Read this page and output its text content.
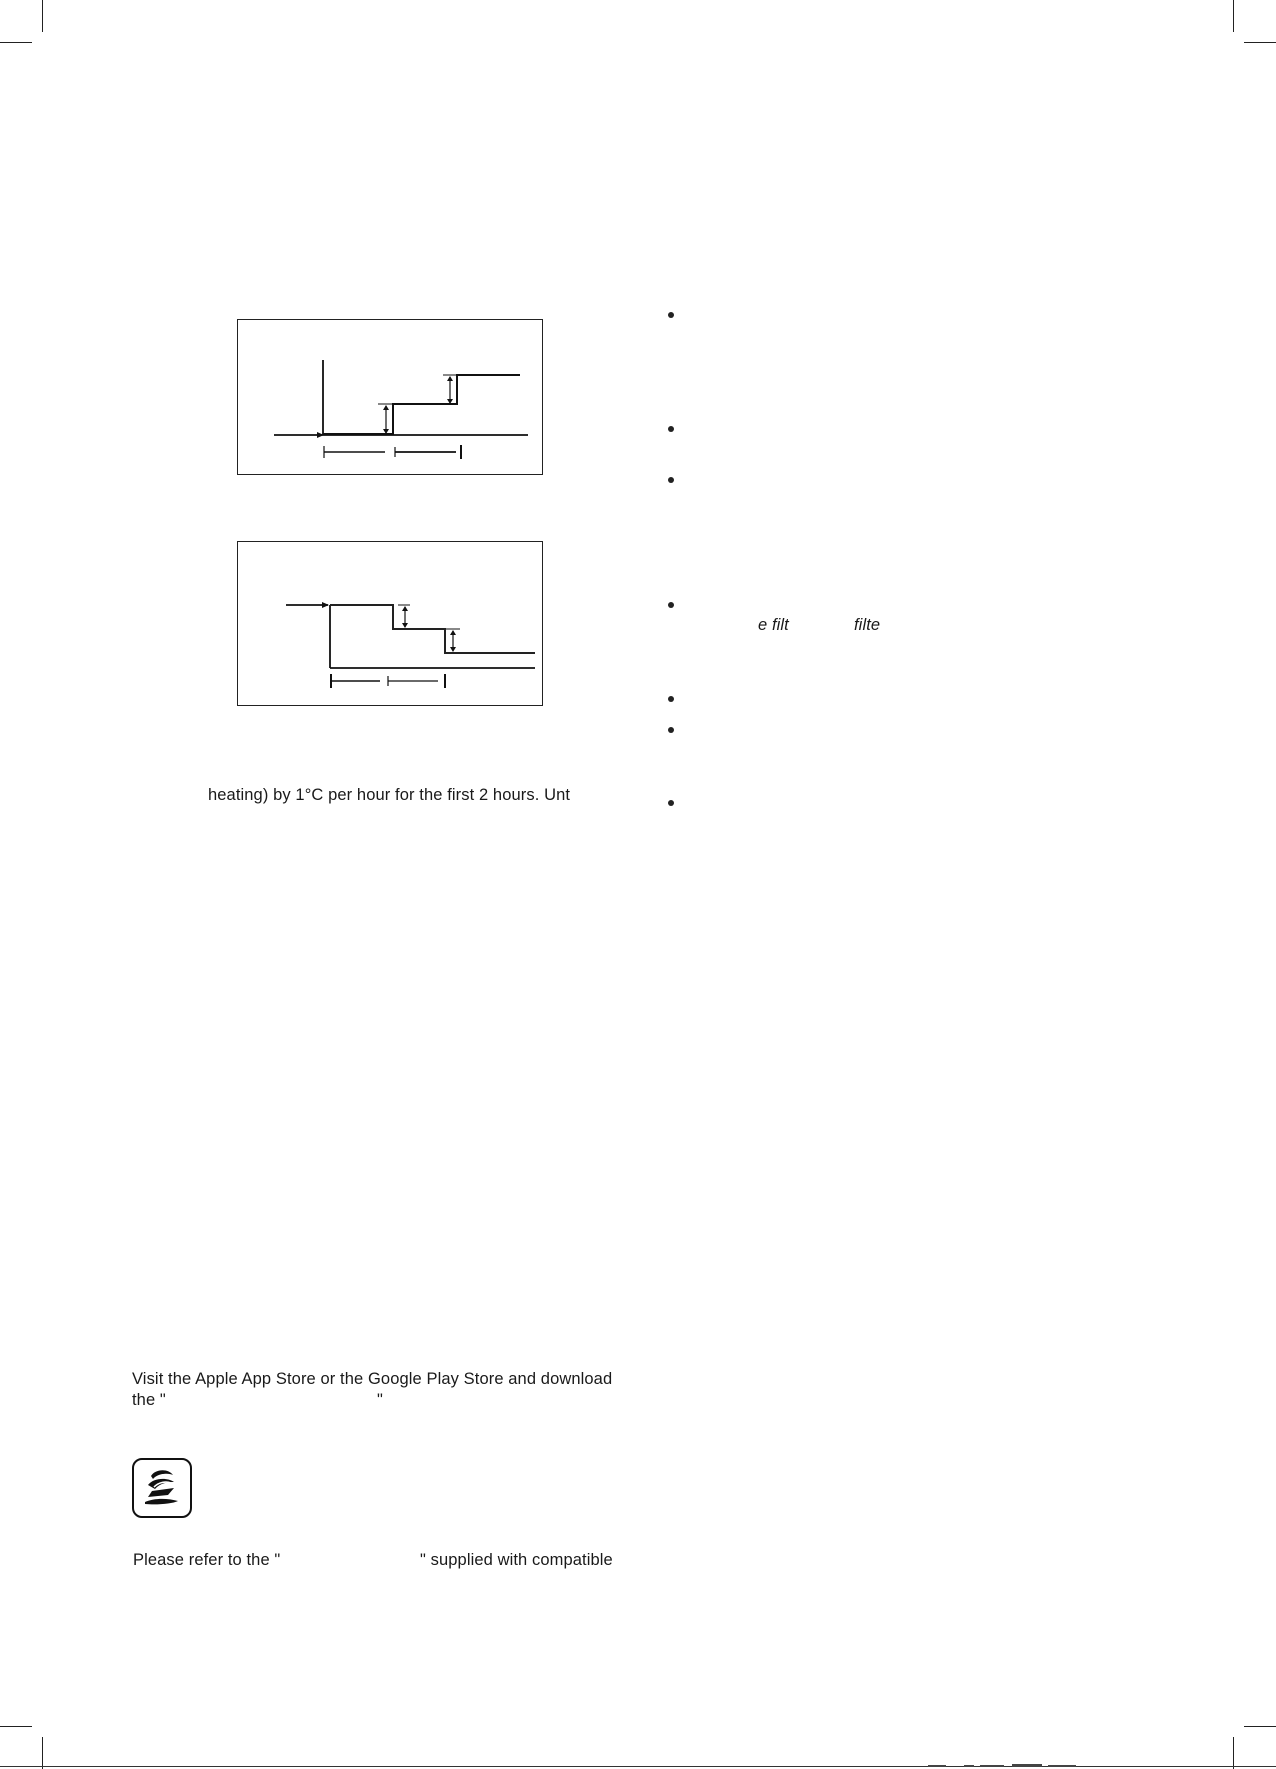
heating) by 1°C per hour for the first 2 hours. Unt
Visit the Apple App Store or the Google Play Store and download
the "	"
Please refer to the "	" supplied with compatible
e filt	filte
